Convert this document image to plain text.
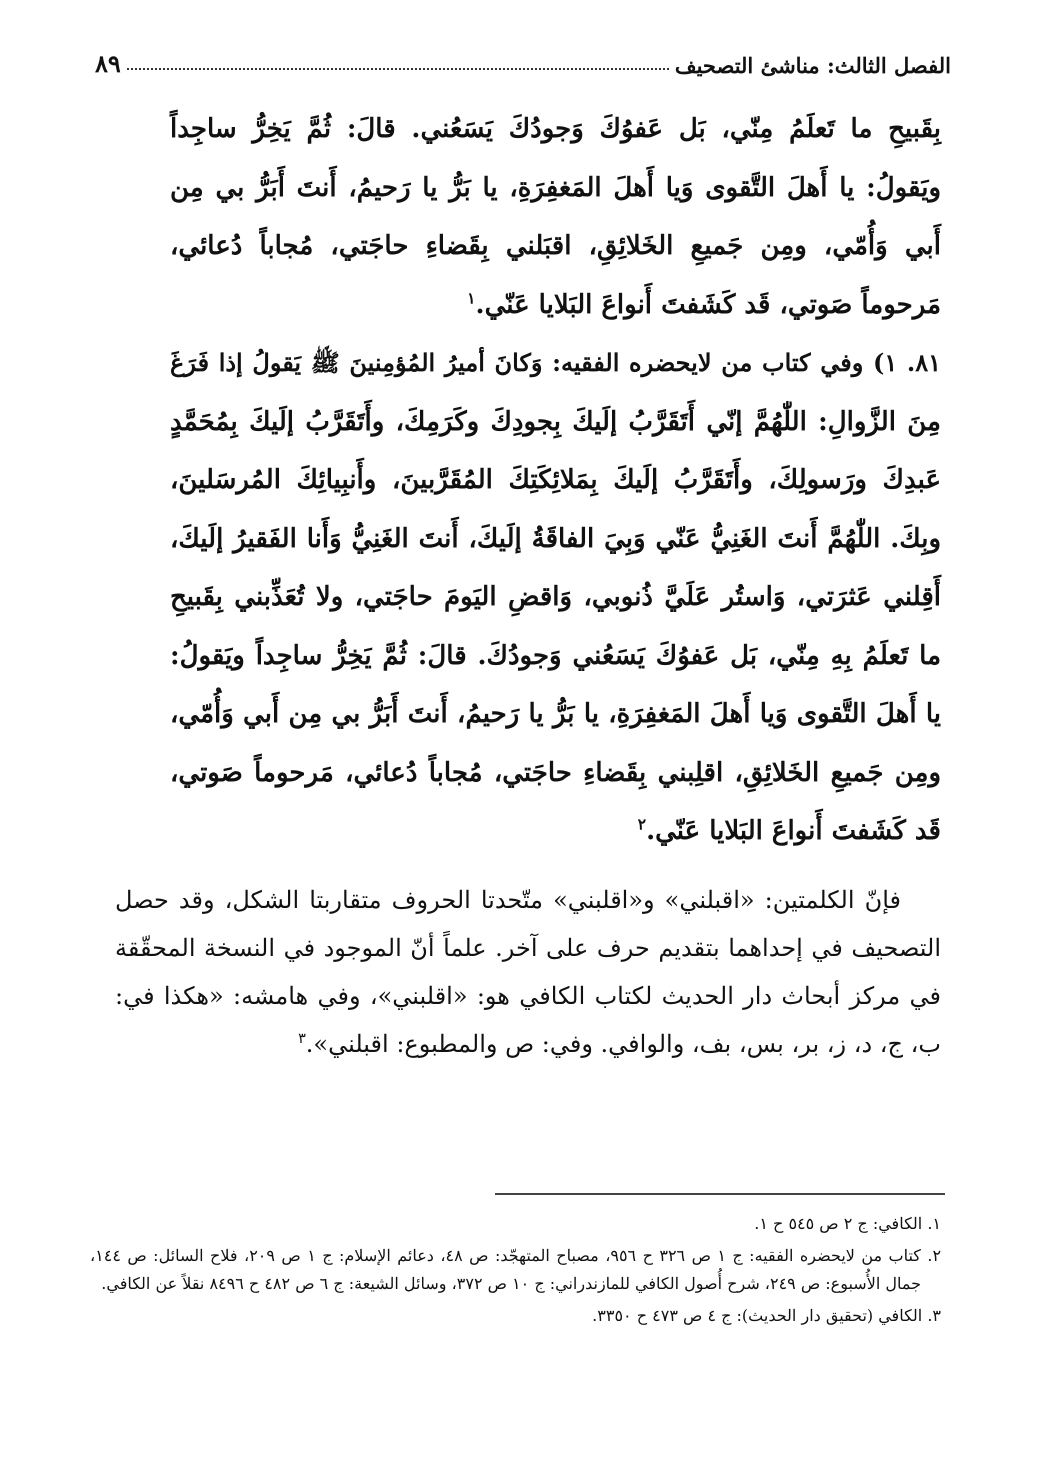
الفصل الثالث: مناشئ التصحيف
٨٩

بِقَبيحِ ما تَعلَمُ مِنّي، بَل عَفوُكَ وَجودُكَ يَسَعُني. قالَ: ثُمَّ يَخِرُّ ساجِداً ويَقولُ: يا أَهلَ التَّقوى وَيا أَهلَ المَغفِرَةِ، يا بَرُّ يا رَحيمُ، أَنتَ أَبَرُّ بي مِن أَبي وَأُمّي، ومِن جَميعِ الخَلائِقِ، اقبَلني بِقَضاءِ حاجَتي، مُجاباً دُعائي، مَرحوماً صَوتي، قَد كَشَفتَ أَنواعَ البَلايا عَنّي.$^١$

٨١. ١) وفي كتاب من لايحضره الفقيه: وَكانَ أميرُ المُؤمِنينَ ﷺ يَقولُ إذا فَرَغَ مِنَ الزَّوالِ: اللّٰهُمَّ إنّي أَتَقَرَّبُ إلَيكَ بِجودِكَ وكَرَمِكَ، وأَتَقَرَّبُ إلَيكَ بِمُحَمَّدٍ عَبدِكَ ورَسولِكَ، وأَتَقَرَّبُ إلَيكَ بِمَلائِكَتِكَ المُقَرَّبينَ، وأَنبِيائِكَ المُرسَلينَ، وبِكَ. اللّٰهُمَّ أَنتَ الغَنِيُّ عَنّي وَبِيَ الفاقَةُ إلَيكَ، أَنتَ الغَنِيُّ وَأَنا الفَقيرُ إلَيكَ، أَقِلني عَثرَتي، وَاستُر عَلَيَّ ذُنوبي، وَاقضِ اليَومَ حاجَتي، ولا تُعَذِّبني بِقَبيحِ ما تَعلَمُ بِهِ مِنّي، بَل عَفوُكَ يَسَعُني وَجودُكَ. قالَ: ثُمَّ يَخِرُّ ساجِداً ويَقولُ: يا أَهلَ التَّقوى وَيا أَهلَ المَغفِرَةِ، يا بَرُّ يا رَحيمُ، أَنتَ أَبَرُّ بي مِن أَبي وَأُمّي، ومِن جَميعِ الخَلائِقِ، اقلِبني بِقَضاءِ حاجَتي، مُجاباً دُعائي، مَرحوماً صَوتي، قَد كَشَفتَ أَنواعَ البَلايا عَنّي.$^٢$

فإنّ الكلمتين: «اقبلني» و«اقلبني» متّحدتا الحروف متقاربتا الشكل، وقد حصل التصحيف في إحداهما بتقديم حرف على آخر. علماً أنّ الموجود في النسخة المحقّقة في مركز أبحاث دار الحديث لكتاب الكافي هو: «اقلبني»، وفي هامشه: «هكذا في: ب، ج، د، ز، بر، بس، بف، والوافي. وفي: ص والمطبوع: اقبلني».$^٣$

١. الكافي: ج ٢ ص ٥٤٥ ح ١.

٢. كتاب من لايحضره الفقيه: ج ١ ص ٣٢٦ ح ٩٥٦، مصباح المتهجّد: ص ٤٨، دعائم الإسلام: ج ١ ص ٢٠٩، فلاح السائل: ص ١٤٤، جمال الأُسبوع: ص ٢٤٩، شرح أُصول الكافي للمازندراني: ج ١٠ ص ٣٧٢، وسائل الشيعة: ج ٦ ص ٤٨٢ ح ٨٤٩٦ نقلاً عن الكافي.

٣. الكافي (تحقيق دار الحديث): ج ٤ ص ٤٧٣ ح ٣٣٥٠.
